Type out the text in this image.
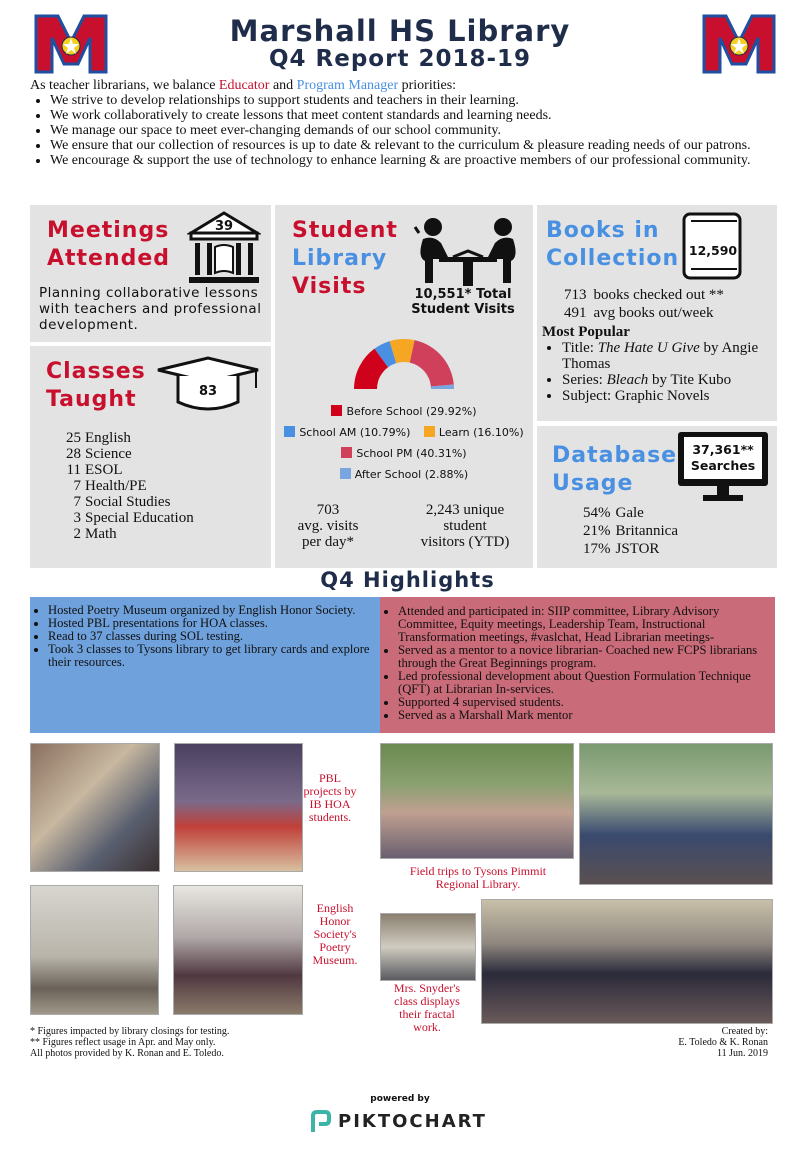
Marshall HS Library
Q4 Report 2018-19
As teacher librarians, we balance Educator and Program Manager priorities:
• We strive to develop relationships to support students and teachers in their learning.
• We work collaboratively to create lessons that meet content standards and learning needs.
• We manage our space to meet ever-changing demands of our school community.
• We ensure that our collection of resources is up to date & relevant to the curriculum & pleasure reading needs of our patrons.
• We encourage & support the use of technology to enhance learning & are proactive members of our professional community.
Meetings
Attended
39
Planning collaborative lessons with teachers and professional development.
Classes
Taught	83
25	English
28	Science
11	ESOL
7	Health/PE
7	Social Studies
3	Special Education
2	Math
Student
Library
Visits	10,551* Total
Student Visits
Before School (29.92%)
School AM (10.79%)	Learn (16.10%)
School PM (40.31%)
After School (2.88%)
703
avg. visits
per day*
2,243 unique
student
visitors (YTD)
Books in
Collection 12,590
713	books checked out **
491	avg books out/week
Most Popular
• Title: The Hate U Give by Angie Thomas
• Series: Bleach by Tite Kubo
• Subject: Graphic Novels
Database
Usage
37,361**
Searches
54%	Gale
21%	Britannica
17%	JSTOR
Q4 Highlights
• Hosted Poetry Museum organized by English Honor Society.
• Hosted PBL presentations for HOA classes.
• Read to 37 classes during SOL testing.
• Took 3 classes to Tysons library to get library cards and explore their resources.
• Attended and participated in: SIIP committee, Library Advisory Committee, Equity meetings, Leadership Team, Instructional Transformation meetings, #vaslchat, Head Librarian meetings-
• Served as a mentor to a novice librarian- Coached new FCPS librarians through the Great Beginnings program.
• Led professional development about Question Formulation Technique (QFT) at Librarian In-services.
• Supported 4 supervised students.
• Served as a Marshall Mark mentor
PBL projects by IB HOA students.
English Honor Society's Poetry Museum.
Field trips to Tysons Pimmit Regional Library.
Mrs. Snyder's class displays their fractal work.
* Figures impacted by library closings for testing.
** Figures reflect usage in Apr. and May only.
All photos provided by K. Ronan and E. Toledo.
Created by:
E. Toledo & K. Ronan
11 Jun. 2019
powered by
PIKTOCHART
